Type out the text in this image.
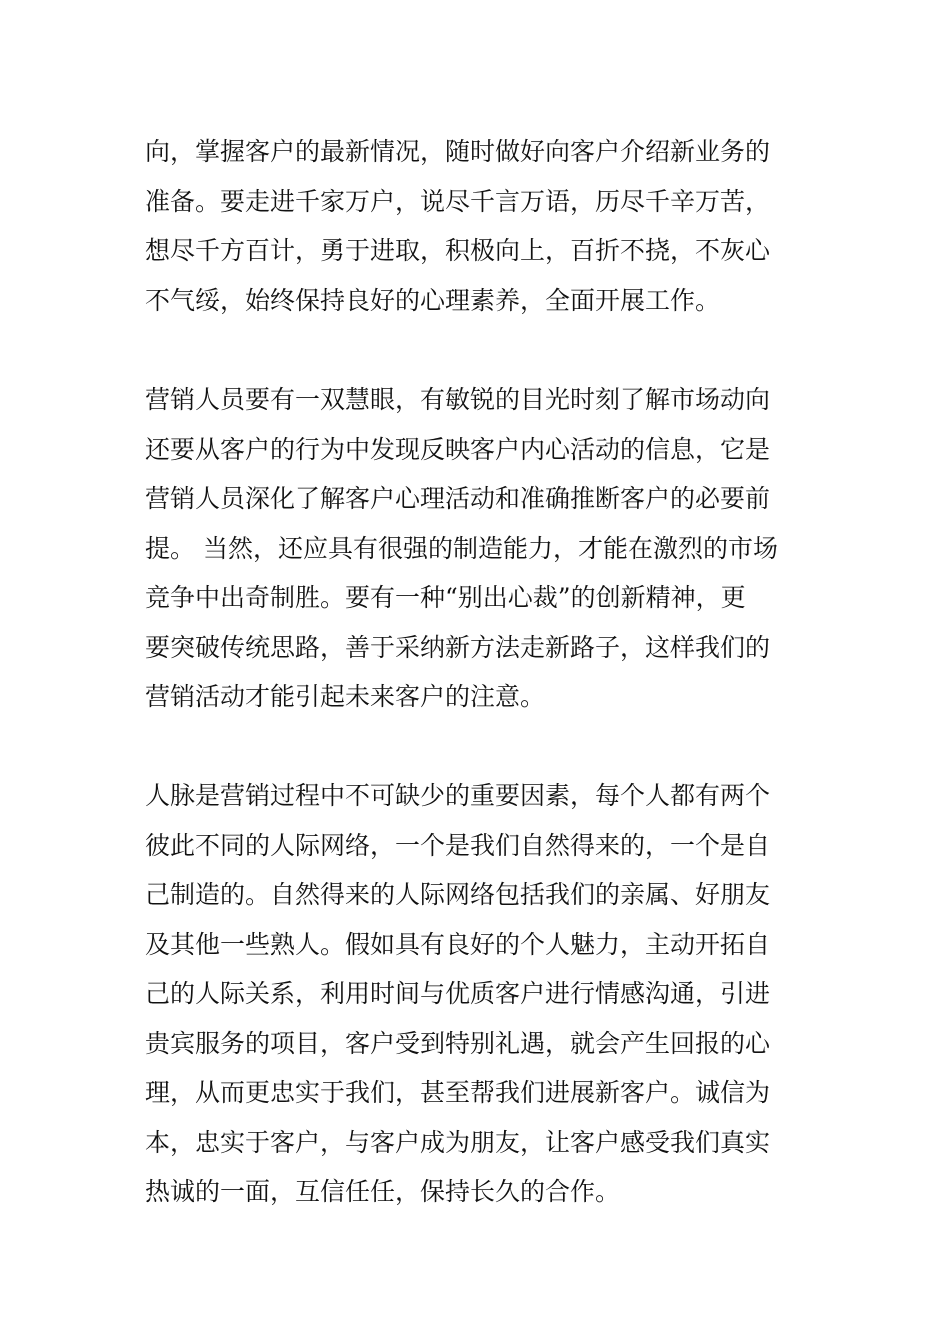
向，掌握客户的最新情况，随时做好向客户介绍新业务的
准备。要走进千家万户，说尽千言万语，历尽千辛万苦，
想尽千方百计，勇于进取，积极向上，百折不挠，不灰心
不气绥，始终保持良好的心理素养，全面开展工作。
营销人员要有一双慧眼，有敏锐的目光时刻了解市场动向
还要从客户的行为中发现反映客户内心活动的信息，它是
营销人员深化了解客户心理活动和准确推断客户的必要前
提。 当然，还应具有很强的制造能力，才能在激烈的市场
竞争中出奇制胜。要有一种“别出心裁”的创新精神，更
要突破传统思路，善于采纳新方法走新路子，这样我们的
营销活动才能引起未来客户的注意。
人脉是营销过程中不可缺少的重要因素，每个人都有两个
彼此不同的人际网络，一个是我们自然得来的，一个是自
己制造的。自然得来的人际网络包括我们的亲属、好朋友
及其他一些熟人。假如具有良好的个人魅力，主动开拓自
己的人际关系，利用时间与优质客户进行情感沟通，引进
贵宾服务的项目，客户受到特别礼遇，就会产生回报的心
理，从而更忠实于我们，甚至帮我们进展新客户。诚信为
本，忠实于客户，与客户成为朋友，让客户感受我们真实
热诚的一面，互信任任，保持长久的合作。
